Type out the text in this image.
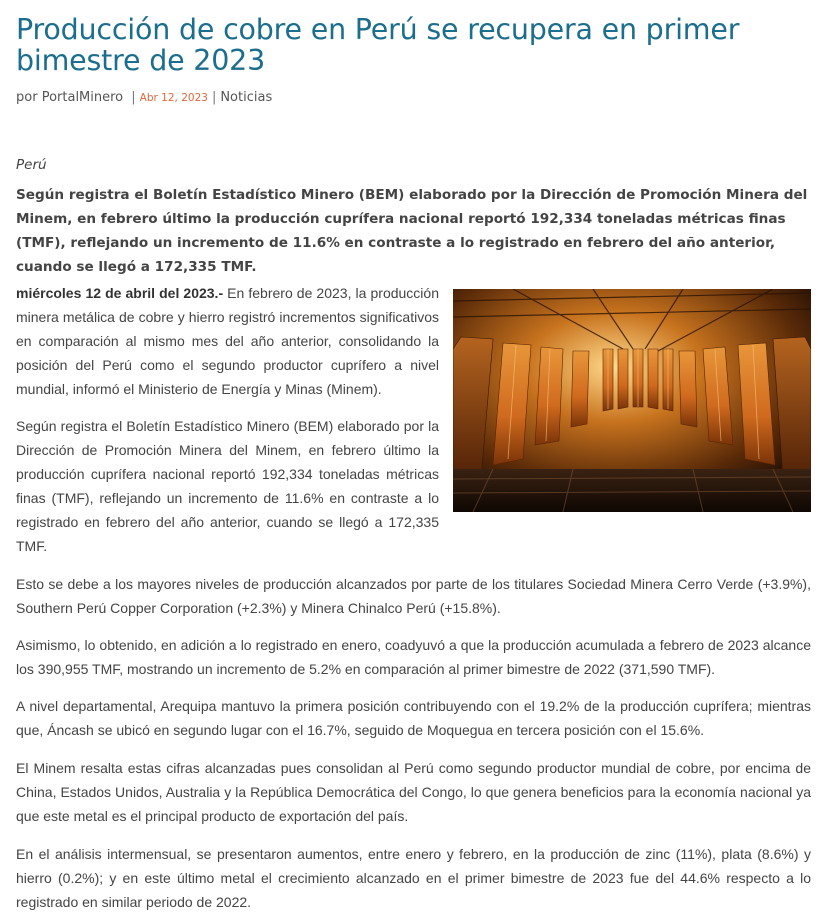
Producción de cobre en Perú se recupera en primer bimestre de 2023
por PortalMinero | Abr 12, 2023 | Noticias
Perú
Según registra el Boletín Estadístico Minero (BEM) elaborado por la Dirección de Promoción Minera del Minem, en febrero último la producción cuprífera nacional reportó 192,334 toneladas métricas finas (TMF), reflejando un incremento de 11.6% en contraste a lo registrado en febrero del año anterior, cuando se llegó a 172,335 TMF.

miércoles 12 de abril del 2023.- En febrero de 2023, la producción minera metálica de cobre y hierro registró incrementos significativos en comparación al mismo mes del año anterior, consolidando la posición del Perú como el segundo productor cuprífero a nivel mundial, informó el Ministerio de Energía y Minas (Minem).

Según registra el Boletín Estadístico Minero (BEM) elaborado por la Dirección de Promoción Minera del Minem, en febrero último la producción cuprífera nacional reportó 192,334 toneladas métricas finas (TMF), reflejando un incremento de 11.6% en contraste a lo registrado en febrero del año anterior, cuando se llegó a 172,335 TMF.

Esto se debe a los mayores niveles de producción alcanzados por parte de los titulares Sociedad Minera Cerro Verde (+3.9%), Southern Perú Copper Corporation (+2.3%) y Minera Chinalco Perú (+15.8%).
Asimismo, lo obtenido, en adición a lo registrado en enero, coadyuvó a que la producción acumulada a febrero de 2023 alcance los 390,955 TMF, mostrando un incremento de 5.2% en comparación al primer bimestre de 2022 (371,590 TMF).
A nivel departamental, Arequipa mantuvo la primera posición contribuyendo con el 19.2% de la producción cuprífera; mientras que, Áncash se ubicó en segundo lugar con el 16.7%, seguido de Moquegua en tercera posición con el 15.6%.
El Minem resalta estas cifras alcanzadas pues consolidan al Perú como segundo productor mundial de cobre, por encima de China, Estados Unidos, Australia y la República Democrática del Congo, lo que genera beneficios para la economía nacional ya que este metal es el principal producto de exportación del país.
En el análisis intermensual, se presentaron aumentos, entre enero y febrero, en la producción de zinc (11%), plata (8.6%) y hierro (0.2%); y en este último metal el crecimiento alcanzado en el primer bimestre de 2023 fue del 44.6% respecto a lo registrado en similar periodo de 2022.
